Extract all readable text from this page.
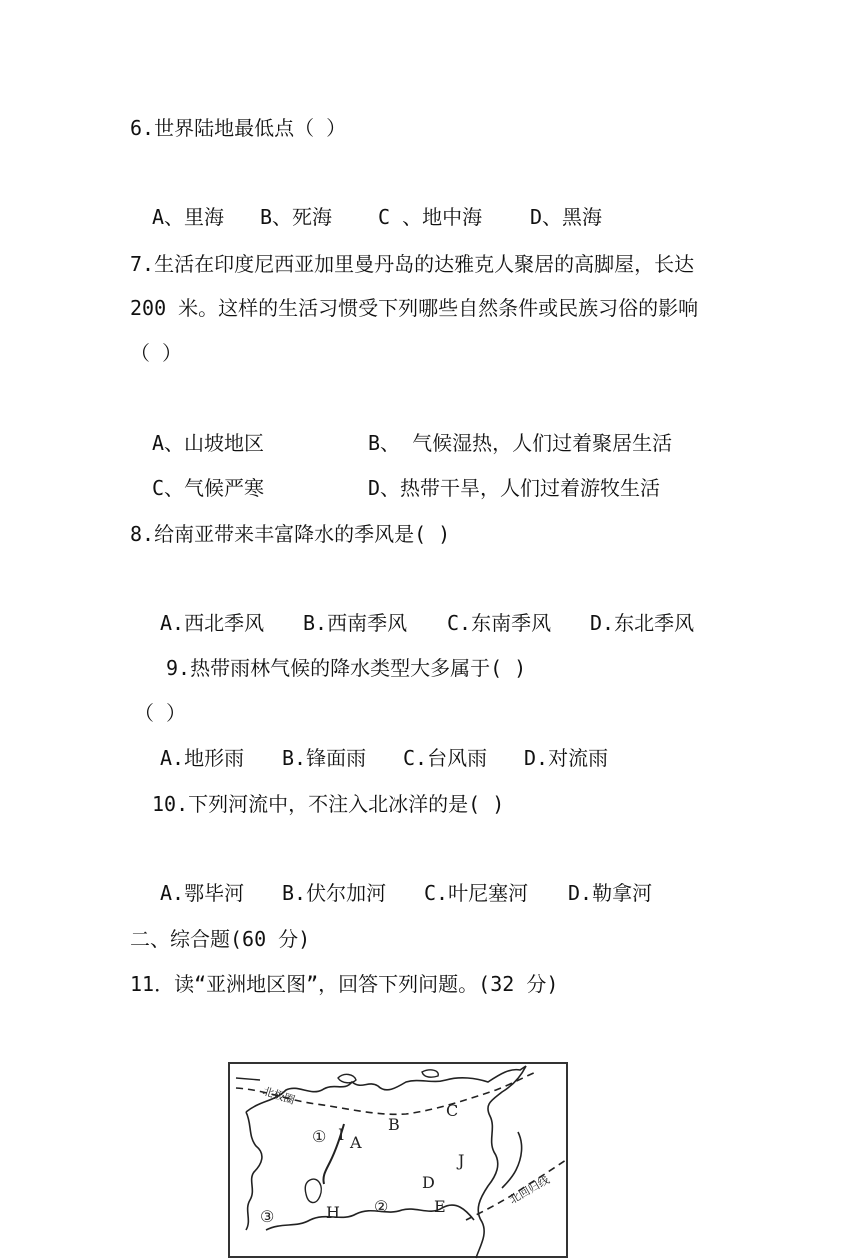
6.世界陆地最低点（ ）
A、里海 B、死海 C 、地中海 D、黑海
7.生活在印度尼西亚加里曼丹岛的达雅克人聚居的高脚屋，长达
200 米。这样的生活习惯受下列哪些自然条件或民族习俗的影响
（ ）
A、山坡地区	B、 气候湿热，人们过着聚居生活
C、气候严寒	D、热带干旱，人们过着游牧生活
8.给南亚带来丰富降水的季风是( )
A.西北季风 B.西南季风 C.东南季风 D.东北季风
9.热带雨林气候的降水类型大多属于( )
（ ）
A.地形雨 B.锋面雨 C.台风雨 D.对流雨
10.下列河流中，不注入北冰洋的是( )
A.鄂毕河 B.伏尔加河 C.叶尼塞河 D.勒拿河
二、综合题(60 分)
11．读“亚洲地区图”，回答下列问题。(32 分)
北极圈
北回归线
① I A
B
C
J
D
E
H ②
③
